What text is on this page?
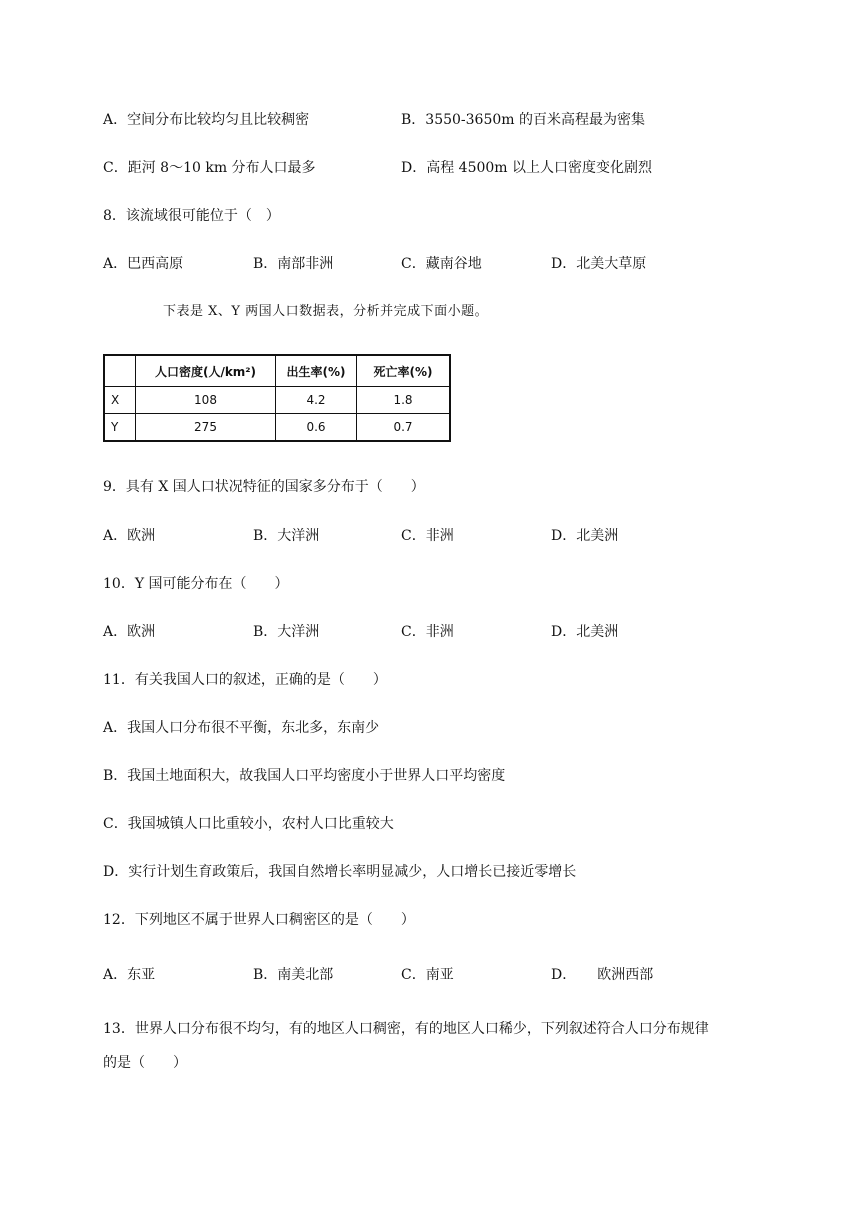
A．空间分布比较均匀且比较稠密	B．3550-3650m 的百米高程最为密集
C．距河 8～10 km 分布人口最多	D．高程 4500m 以上人口密度变化剧烈
8．该流域很可能位于（　）
A．巴西高原	B．南部非洲	C．藏南谷地	D．北美大草原
下表是 X、Y 两国人口数据表，分析并完成下面小题。
	人口密度(人/km²)	出生率(%)	死亡率(%)
X	108	4.2	1.8
Y	275	0.6	0.7
9．具有 X 国人口状况特征的国家多分布于（　　）
A．欧洲	B．大洋洲	C．非洲	D．北美洲
10．Y 国可能分布在（　　）
A．欧洲	B．大洋洲	C．非洲	D．北美洲
11．有关我国人口的叙述，正确的是（　　）
A．我国人口分布很不平衡，东北多，东南少
B．我国土地面积大，故我国人口平均密度小于世界人口平均密度
C．我国城镇人口比重较小，农村人口比重较大
D．实行计划生育政策后，我国自然增长率明显减少，人口增长已接近零增长
12．下列地区不属于世界人口稠密区的是（　　）
A．东亚	B．南美北部	C．南亚	D．　　欧洲西部
13．世界人口分布很不均匀，有的地区人口稠密，有的地区人口稀少，下列叙述符合人口分布规律
的是（　　）
